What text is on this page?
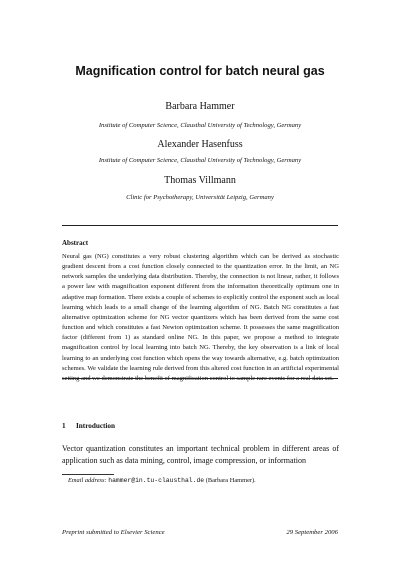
Magnification control for batch neural gas
Barbara Hammer
Institute of Computer Science, Clausthal University of Technology, Germany
Alexander Hasenfuss
Institute of Computer Science, Clausthal University of Technology, Germany
Thomas Villmann
Clinic for Psychotherapy, Universität Leipzig, Germany
Abstract
Neural gas (NG) constitutes a very robust clustering algorithm which can be derived as stochastic gradient descent from a cost function closely connected to the quantization error. In the limit, an NG network samples the underlying data distribution. Thereby, the connection is not linear, rather, it follows a power law with magnification exponent different from the information theoretically optimum one in adaptive map formation. There exists a couple of schemes to explicitly control the exponent such as local learning which leads to a small change of the learning algorithm of NG. Batch NG constitutes a fast alternative optimization scheme for NG vector quantizers which has been derived from the same cost function and which constitutes a fast Newton optimization scheme. It possesses the same magnification factor (different from 1) as standard online NG. In this paper, we propose a method to integrate magnification control by local learning into batch NG. Thereby, the key observation is a link of local learning to an underlying cost function which opens the way towards alternative, e.g. batch optimization schemes. We validate the learning rule derived from this altered cost function in an artificial experimental setting and we demonstrate the benefit of magnification control to sample rare events for a real data set.
1 Introduction
Vector quantization constitutes an important technical problem in different areas of application such as data mining, control, image compression, or information
Email address: hammer@in.tu-clausthal.de (Barbara Hammer).
Preprint submitted to Elsevier Science	29 September 2006
